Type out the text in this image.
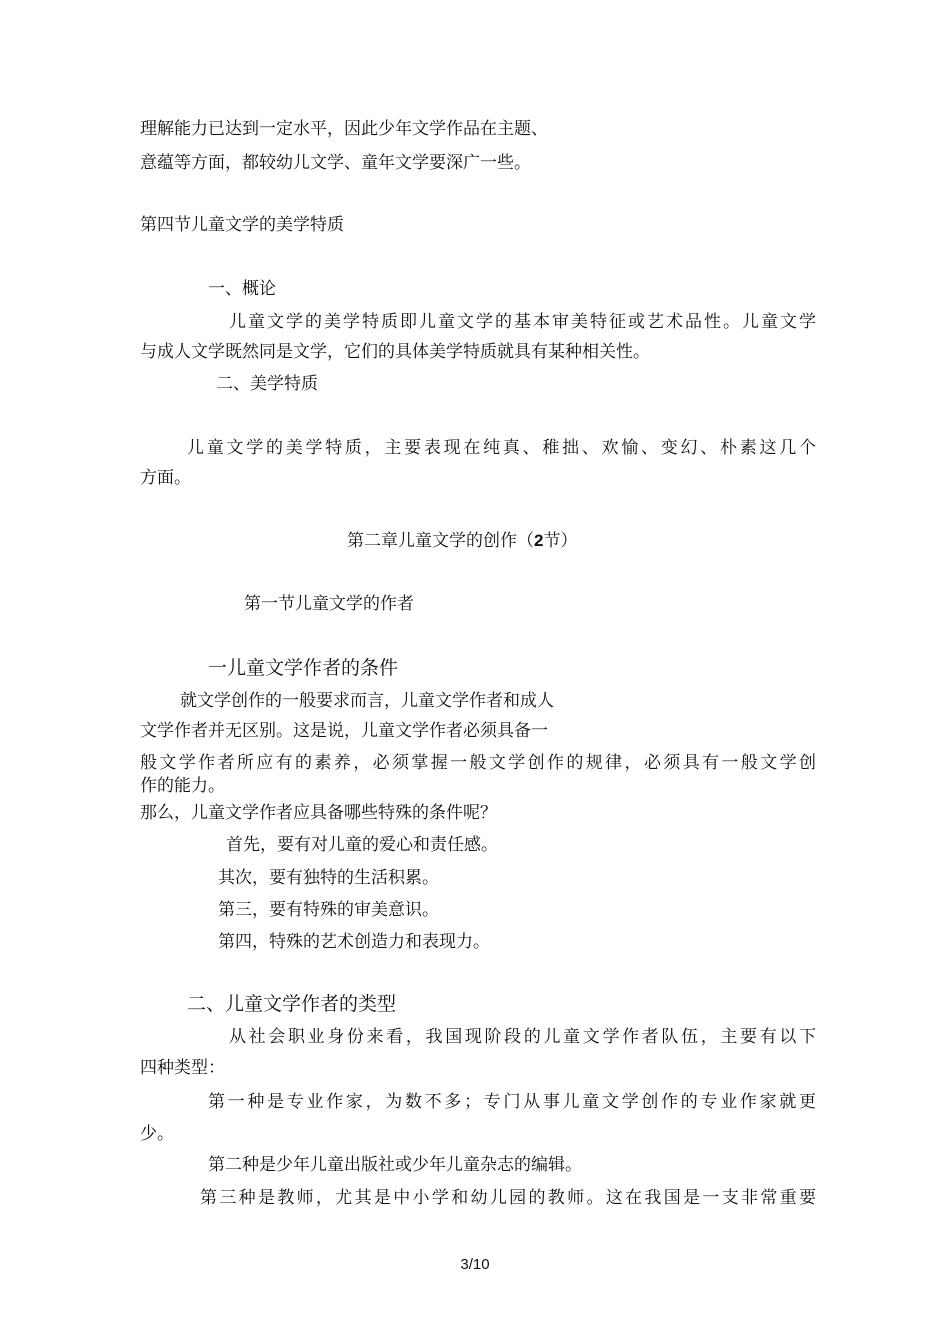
理解能力已达到一定水平，因此少年文学作品在主题、
意蕴等方面，都较幼儿文学、童年文学要深广一些。
第四节儿童文学的美学特质
一、概论
儿童文学的美学特质即儿童文学的基本审美特征或艺术品性。儿童文学
与成人文学既然同是文学，它们的具体美学特质就具有某种相关性。
二、美学特质
儿童文学的美学特质，主要表现在纯真、稚拙、欢愉、变幻、朴素这几个
方面。
第二章儿童文学的创作（2节）
第一节儿童文学的作者
一儿童文学作者的条件
就文学创作的一般要求而言，儿童文学作者和成人
文学作者并无区别。这是说，儿童文学作者必须具备一
般文学作者所应有的素养，必须掌握一般文学创作的规律，必须具有一般文学创
作的能力。
那么，儿童文学作者应具备哪些特殊的条件呢？
首先，要有对儿童的爱心和责任感。
其次，要有独特的生活积累。
第三，要有特殊的审美意识。
第四，特殊的艺术创造力和表现力。
二、儿童文学作者的类型
从社会职业身份来看，我国现阶段的儿童文学作者队伍，主要有以下
四种类型：
第一种是专业作家，为数不多；专门从事儿童文学创作的专业作家就更
少。
第二种是少年儿童出版社或少年儿童杂志的编辑。
第三种是教师，尤其是中小学和幼儿园的教师。这在我国是一支非常重要
3/10
